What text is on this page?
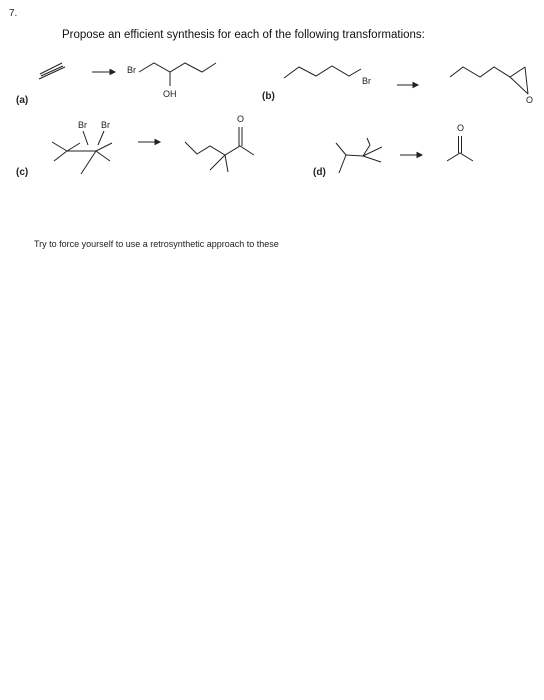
7.
Propose an efficient synthesis for each of the following transformations:
(a)	(b)
(c)	(d)
Br
OH
Br
O
Br Br
O
O
Try to force yourself to use a retrosynthetic approach to these
